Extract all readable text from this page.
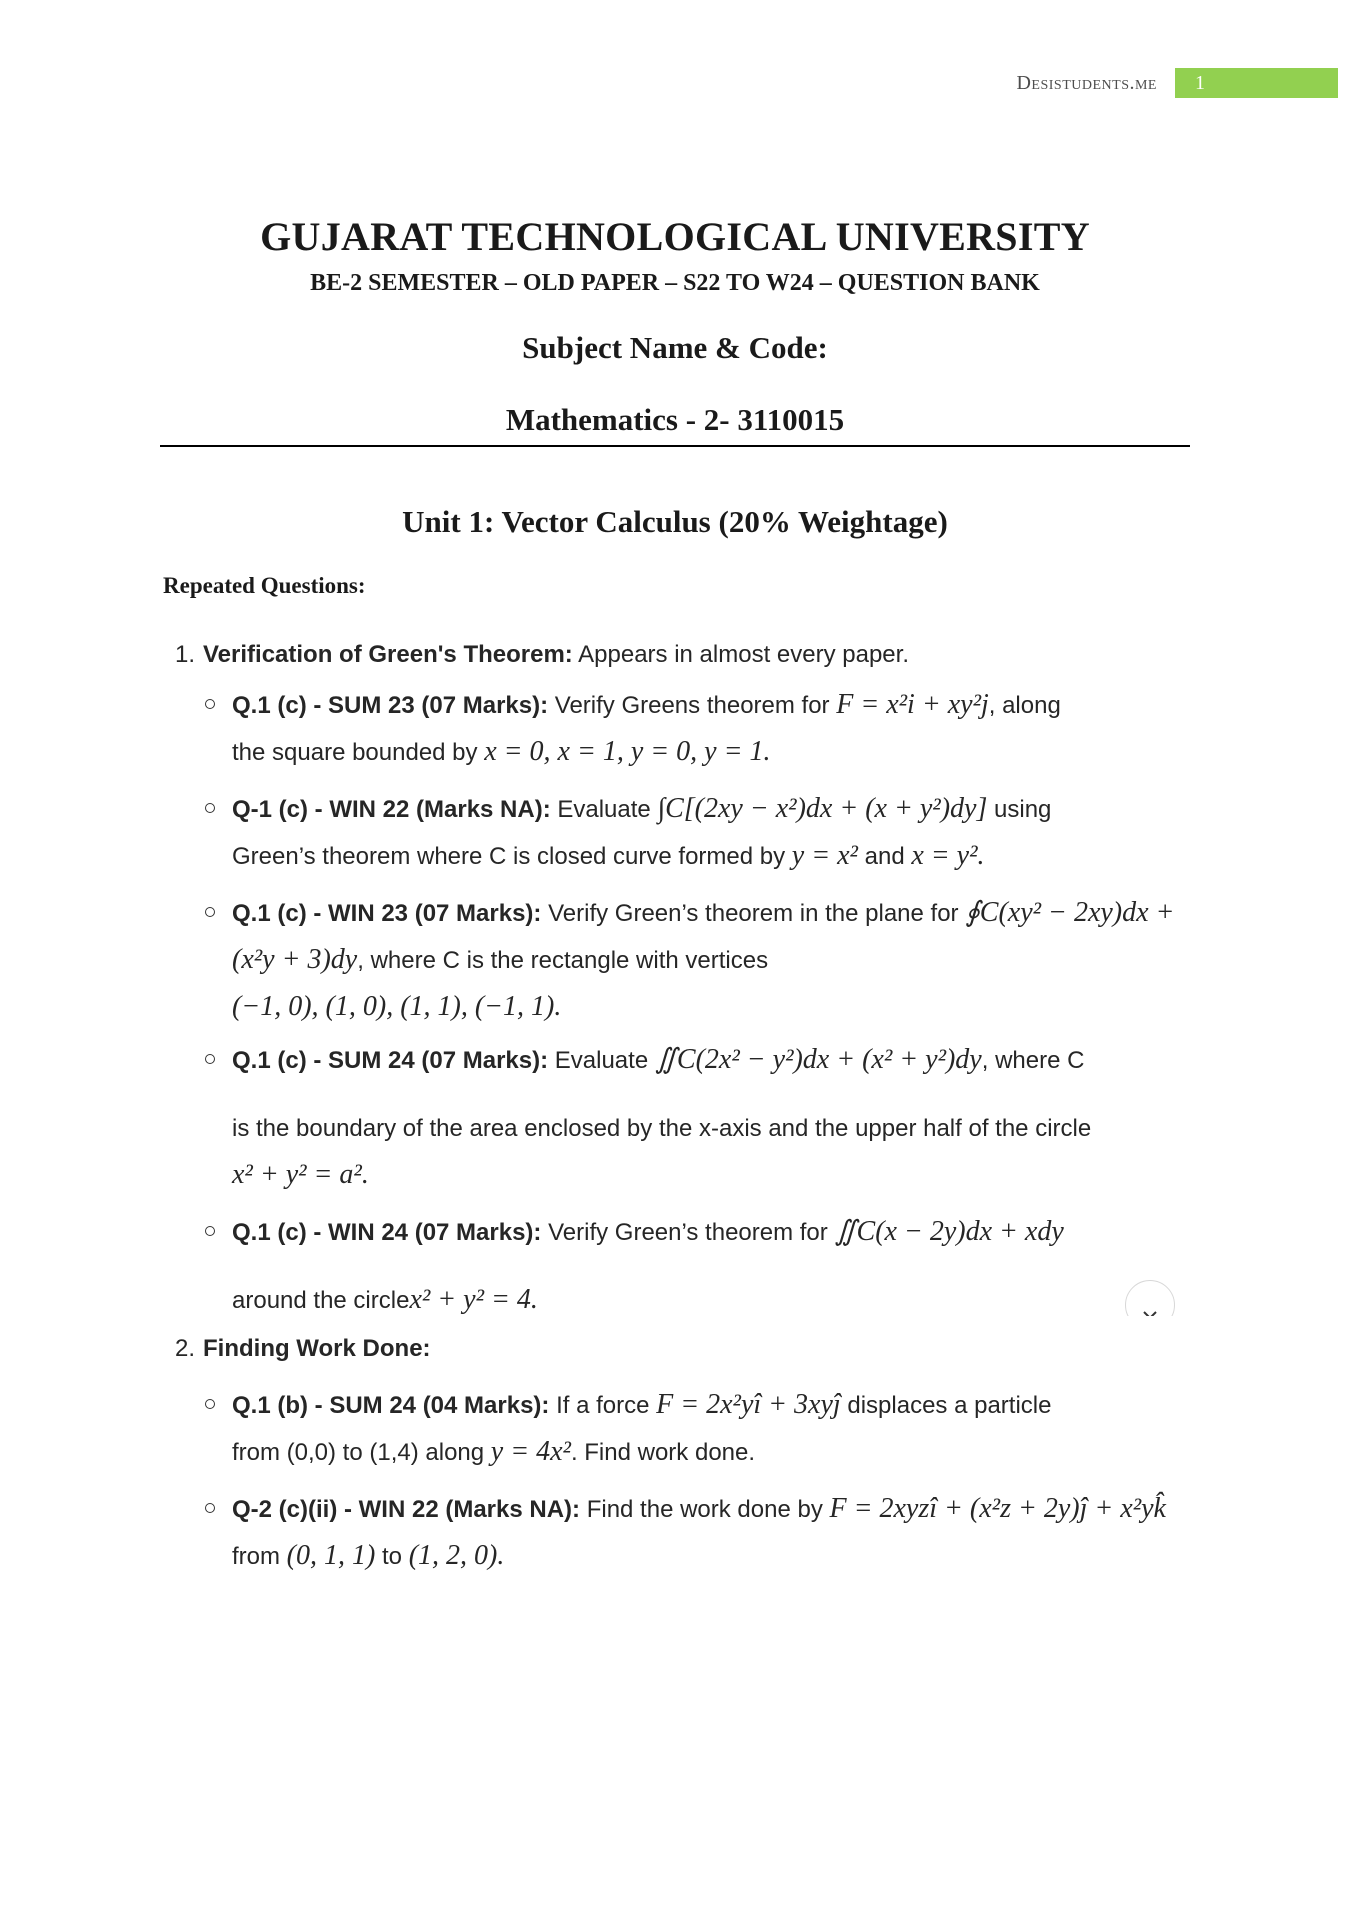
Desistudents.me 1
GUJARAT TECHNOLOGICAL UNIVERSITY
BE-2 SEMESTER – OLD PAPER – S22 TO W24 – QUESTION BANK
Subject Name & Code:
Mathematics - 2- 3110015
Unit 1: Vector Calculus (20% Weightage)
Repeated Questions:
1. Verification of Green's Theorem: Appears in almost every paper.
Q.1 (c) - SUM 23 (07 Marks): Verify Greens theorem for F = x²i + xy²j, along
the square bounded by x = 0, x = 1, y = 0, y = 1.
Q-1 (c) - WIN 22 (Marks NA): Evaluate ∫C[(2xy − x²)dx + (x + y²)dy] using
Green’s theorem where C is closed curve formed by y = x² and x = y².
Q.1 (c) - WIN 23 (07 Marks): Verify Green’s theorem in the plane for ∮C(xy² − 2xy)dx + (x²y + 3)dy, where C is the rectangle with vertices
(−1, 0), (1, 0), (1, 1), (−1, 1).
Q.1 (c) - SUM 24 (07 Marks): Evaluate ∬C(2x² − y²)dx + (x² + y²)dy, where C
is the boundary of the area enclosed by the x-axis and the upper half of the circle
x² + y² = a².
Q.1 (c) - WIN 24 (07 Marks): Verify Green’s theorem for ∬C(x − 2y)dx + xdy
around the circlex² + y² = 4.
2. Finding Work Done:
Q.1 (b) - SUM 24 (04 Marks): If a force F = 2x²yî + 3xyĵ displaces a particle
from (0,0) to (1,4) along y = 4x². Find work done.
Q-2 (c)(ii) - WIN 22 (Marks NA): Find the work done by F = 2xyzî + (x²z + 2y)ĵ + x²yk̂
from (0, 1, 1) to (1, 2, 0).
